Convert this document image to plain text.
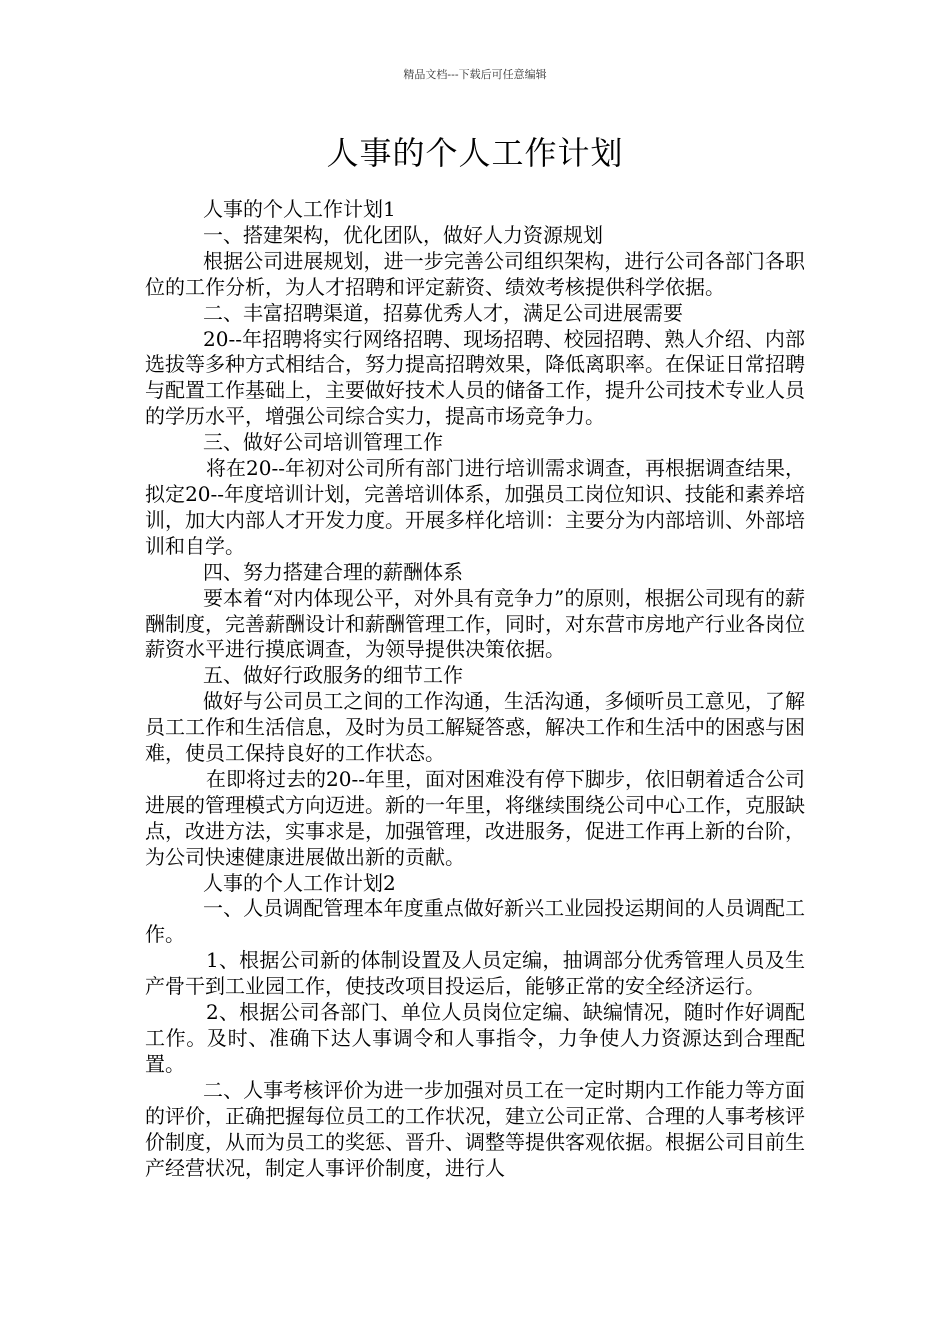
精品文档---下载后可任意编辑
人事的个人工作计划

人事的个人工作计划1

一、搭建架构，优化团队，做好人力资源规划

根据公司进展规划，进一步完善公司组织架构，进行公司各部门各职位的工作分析，为人才招聘和评定薪资、绩效考核提供科学依据。

二、丰富招聘渠道，招募优秀人才，满足公司进展需要

20--年招聘将实行网络招聘、现场招聘、校园招聘、熟人介绍、内部选拔等多种方式相结合，努力提高招聘效果，降低离职率。在保证日常招聘与配置工作基础上，主要做好技术人员的储备工作，提升公司技术专业人员的学历水平，增强公司综合实力，提高市场竞争力。

三、做好公司培训管理工作

将在20--年初对公司所有部门进行培训需求调查，再根据调查结果，拟定20--年度培训计划，完善培训体系，加强员工岗位知识、技能和素养培训，加大内部人才开发力度。开展多样化培训：主要分为内部培训、外部培训和自学。

四、努力搭建合理的薪酬体系

要本着“对内体现公平，对外具有竞争力”的原则，根据公司现有的薪酬制度，完善薪酬设计和薪酬管理工作，同时，对东营市房地产行业各岗位薪资水平进行摸底调查，为领导提供决策依据。

五、做好行政服务的细节工作

做好与公司员工之间的工作沟通，生活沟通，多倾听员工意见，了解员工工作和生活信息，及时为员工解疑答惑，解决工作和生活中的困惑与困难，使员工保持良好的工作状态。

在即将过去的20--年里，面对困难没有停下脚步，依旧朝着适合公司进展的管理模式方向迈进。新的一年里，将继续围绕公司中心工作，克服缺点，改进方法，实事求是，加强管理，改进服务，促进工作再上新的台阶，为公司快速健康进展做出新的贡献。

人事的个人工作计划2

一、人员调配管理本年度重点做好新兴工业园投运期间的人员调配工作。

1、根据公司新的体制设置及人员定编，抽调部分优秀管理人员及生产骨干到工业园工作，使技改项目投运后，能够正常的安全经济运行。

2、根据公司各部门、单位人员岗位定编、缺编情况，随时作好调配工作。及时、准确下达人事调令和人事指令，力争使人力资源达到合理配置。

二、人事考核评价为进一步加强对员工在一定时期内工作能力等方面的评价，正确把握每位员工的工作状况，建立公司正常、合理的人事考核评价制度，从而为员工的奖惩、晋升、调整等提供客观依据。根据公司目前生产经营状况，制定人事评价制度，进行人
